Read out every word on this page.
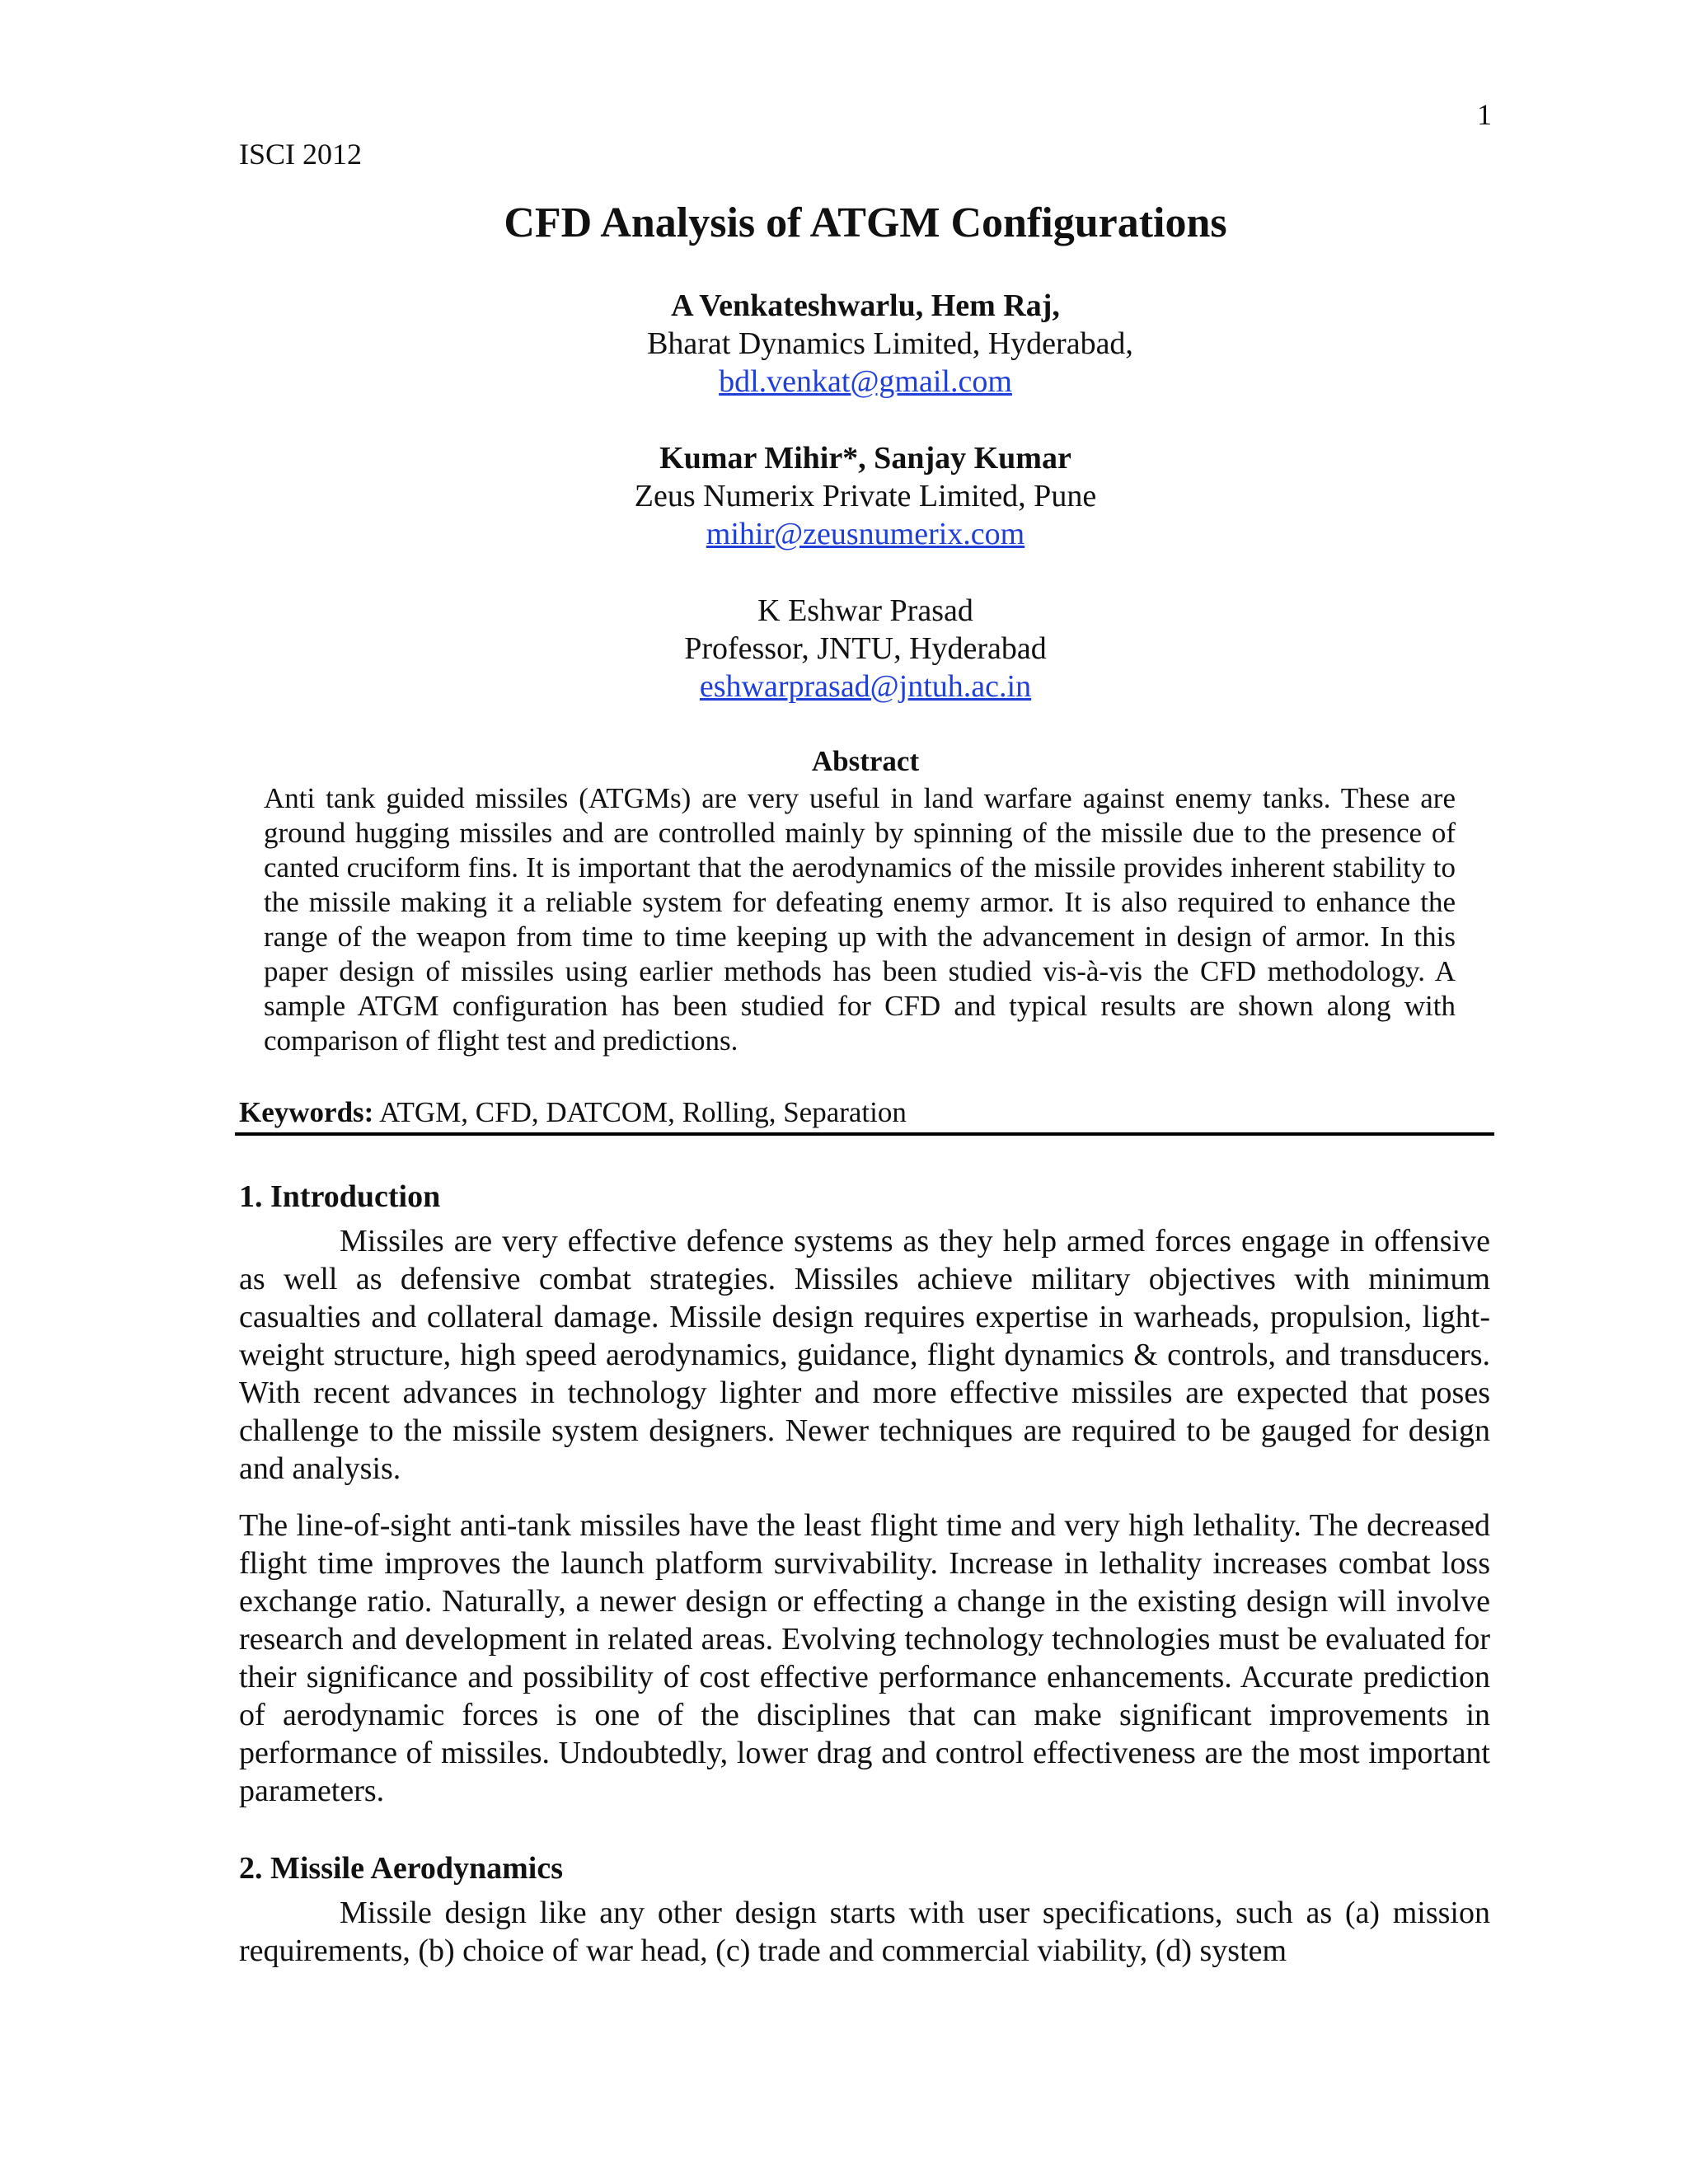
1
ISCI 2012
CFD Analysis of ATGM Configurations
A Venkateshwarlu, Hem Raj,
Bharat Dynamics Limited, Hyderabad,
bdl.venkat@gmail.com
Kumar Mihir*, Sanjay Kumar
Zeus Numerix Private Limited, Pune
mihir@zeusnumerix.com
K Eshwar Prasad
Professor, JNTU, Hyderabad
eshwarprasad@jntuh.ac.in
Abstract

Anti tank guided missiles (ATGMs) are very useful in land warfare against enemy tanks. These are ground hugging missiles and are controlled mainly by spinning of the missile due to the presence of canted cruciform fins. It is important that the aerodynamics of the missile provides inherent stability to the missile making it a reliable system for defeating enemy armor. It is also required to enhance the range of the weapon from time to time keeping up with the advancement in design of armor. In this paper design of missiles using earlier methods has been studied vis-à-vis the CFD methodology. A sample ATGM configuration has been studied for CFD and typical results are shown along with comparison of flight test and predictions.

Keywords: ATGM, CFD, DATCOM, Rolling, Separation
1. Introduction

Missiles are very effective defence systems as they help armed forces engage in offensive as well as defensive combat strategies. Missiles achieve military objectives with minimum casualties and collateral damage. Missile design requires expertise in warheads, propulsion, light-weight structure, high speed aerodynamics, guidance, flight dynamics & controls, and transducers. With recent advances in technology lighter and more effective missiles are expected that poses challenge to the missile system designers. Newer techniques are required to be gauged for design and analysis.

The line-of-sight anti-tank missiles have the least flight time and very high lethality. The decreased flight time improves the launch platform survivability. Increase in lethality increases combat loss exchange ratio. Naturally, a newer design or effecting a change in the existing design will involve research and development in related areas. Evolving technology technologies must be evaluated for their significance and possibility of cost effective performance enhancements. Accurate prediction of aerodynamic forces is one of the disciplines that can make significant improvements in performance of missiles. Undoubtedly, lower drag and control effectiveness are the most important parameters.

2. Missile Aerodynamics

Missile design like any other design starts with user specifications, such as (a) mission requirements, (b) choice of war head, (c) trade and commercial viability, (d) system
